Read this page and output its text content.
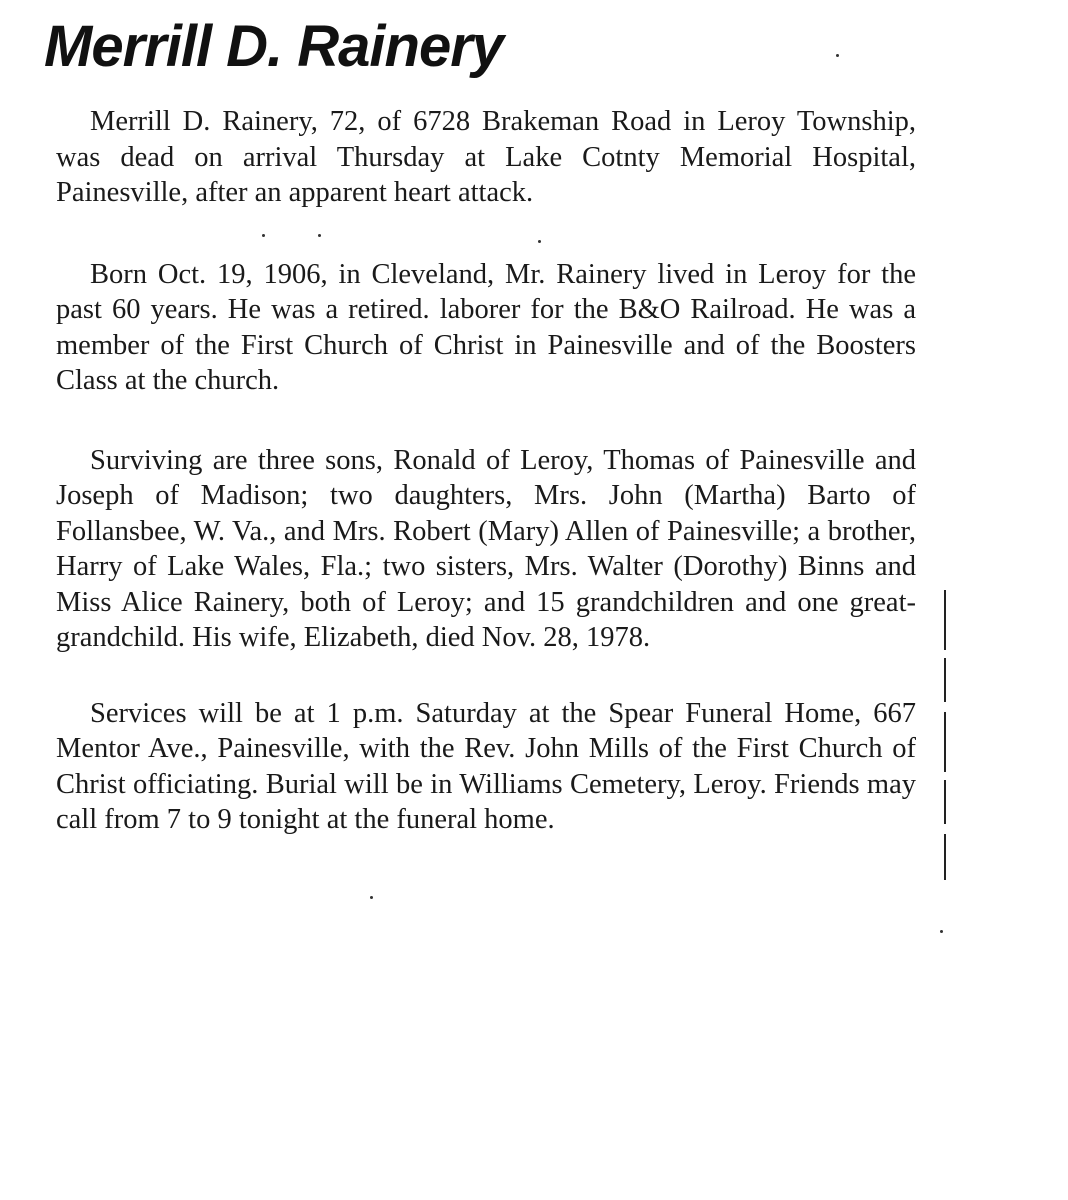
Merrill D. Rainery

Merrill D. Rainery, 72, of 6728 Brakeman Road in Leroy Township, was dead on arrival Thursday at Lake Cotnty Memorial Hospital, Painesville, after an apparent heart attack.

Born Oct. 19, 1906, in Cleveland, Mr. Rainery lived in Leroy for the past 60 years. He was a retired. laborer for the B&O Railroad. He was a member of the First Church of Christ in Painesville and of the Boosters Class at the church.

Surviving are three sons, Ronald of Leroy, Thomas of Painesville and Joseph of Madison; two daughters, Mrs. John (Martha) Barto of Follansbee, W. Va., and Mrs. Robert (Mary) Allen of Painesville; a brother, Harry of Lake Wales, Fla.; two sisters, Mrs. Walter (Dorothy) Binns and Miss Alice Rainery, both of Leroy; and 15 grandchildren and one great-grandchild. His wife, Elizabeth, died Nov. 28, 1978.

Services will be at 1 p.m. Saturday at the Spear Funeral Home, 667 Mentor Ave., Painesville, with the Rev. John Mills of the First Church of Christ officiating. Burial will be in Williams Cemetery, Leroy. Friends may call from 7 to 9 tonight at the funeral home.
